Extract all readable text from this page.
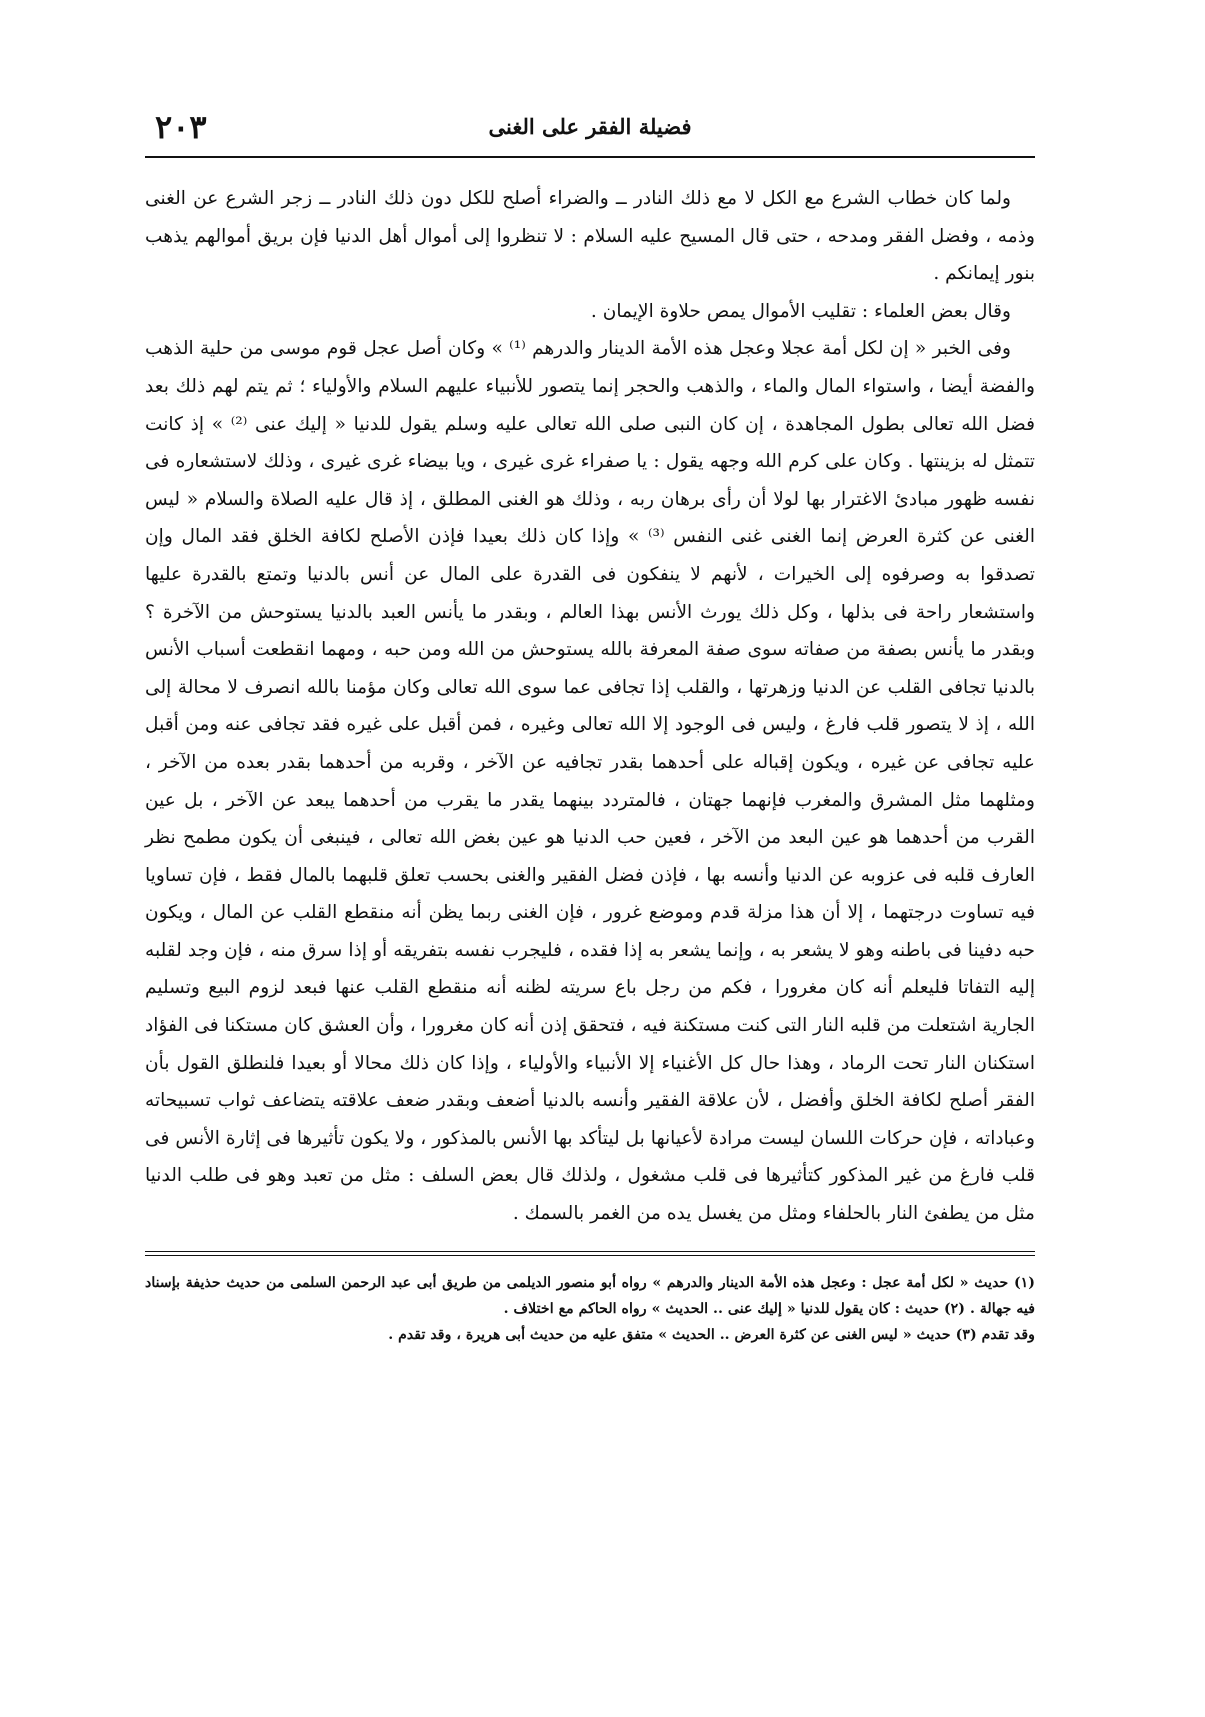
فضيلة الفقر على الغنى
٢٠٣

ولما كان خطاب الشرع مع الكل لا مع ذلك النادر ــ والضراء أصلح للكل دون ذلك النادر ــ زجر الشرع عن الغنى وذمه ، وفضل الفقر ومدحه ، حتى قال المسيح عليه السلام : لا تنظروا إلى أموال أهل الدنيا فإن بريق أموالهم يذهب بنور إيمانكم .

وقال بعض العلماء : تقليب الأموال يمص حلاوة الإيمان .

وفى الخبر « إن لكل أمة عجلا وعجل هذه الأمة الدينار والدرهم ⁽¹⁾ » وكان أصل عجل قوم موسى من حلية الذهب والفضة أيضا ، واستواء المال والماء ، والذهب والحجر إنما يتصور للأنبياء عليهم السلام والأولياء ؛ ثم يتم لهم ذلك بعد فضل الله تعالى بطول المجاهدة ، إن كان النبى صلى الله تعالى عليه وسلم يقول للدنيا « إليك عنى ⁽²⁾ » إذ كانت تتمثل له بزينتها . وكان على كرم الله وجهه يقول : يا صفراء غرى غيرى ، ويا بيضاء غرى غيرى ، وذلك لاستشعاره فى نفسه ظهور مبادئ الاغترار بها لولا أن رأى برهان ربه ، وذلك هو الغنى المطلق ، إذ قال عليه الصلاة والسلام « ليس الغنى عن كثرة العرض إنما الغنى غنى النفس ⁽³⁾ » وإذا كان ذلك بعيدا فإذن الأصلح لكافة الخلق فقد المال وإن تصدقوا به وصرفوه إلى الخيرات ، لأنهم لا ينفكون فى القدرة على المال عن أنس بالدنيا وتمتع بالقدرة عليها واستشعار راحة فى بذلها ، وكل ذلك يورث الأنس بهذا العالم ، وبقدر ما يأنس العبد بالدنيا يستوحش من الآخرة ؟ وبقدر ما يأنس بصفة من صفاته سوى صفة المعرفة بالله يستوحش من الله ومن حبه ، ومهما انقطعت أسباب الأنس بالدنيا تجافى القلب عن الدنيا وزهرتها ، والقلب إذا تجافى عما سوى الله تعالى وكان مؤمنا بالله انصرف لا محالة إلى الله ، إذ لا يتصور قلب فارغ ، وليس فى الوجود إلا الله تعالى وغيره ، فمن أقبل على غيره فقد تجافى عنه ومن أقبل عليه تجافى عن غيره ، ويكون إقباله على أحدهما بقدر تجافيه عن الآخر ، وقربه من أحدهما بقدر بعده من الآخر ، ومثلهما مثل المشرق والمغرب فإنهما جهتان ، فالمتردد بينهما يقدر ما يقرب من أحدهما يبعد عن الآخر ، بل عين القرب من أحدهما هو عين البعد من الآخر ، فعين حب الدنيا هو عين بغض الله تعالى ، فينبغى أن يكون مطمح نظر العارف قلبه فى عزوبه عن الدنيا وأنسه بها ، فإذن فضل الفقير والغنى بحسب تعلق قلبهما بالمال فقط ، فإن تساويا فيه تساوت درجتهما ، إلا أن هذا مزلة قدم وموضع غرور ، فإن الغنى ربما يظن أنه منقطع القلب عن المال ، ويكون حبه دفينا فى باطنه وهو لا يشعر به ، وإنما يشعر به إذا فقده ، فليجرب نفسه بتفريقه أو إذا سرق منه ، فإن وجد لقلبه إليه التفاتا فليعلم أنه كان مغرورا ، فكم من رجل باع سريته لظنه أنه منقطع القلب عنها فبعد لزوم البيع وتسليم الجارية اشتعلت من قلبه النار التى كنت مستكنة فيه ، فتحقق إذن أنه كان مغرورا ، وأن العشق كان مستكنا فى الفؤاد استكنان النار تحت الرماد ، وهذا حال كل الأغنياء إلا الأنبياء والأولياء ، وإذا كان ذلك محالا أو بعيدا فلنطلق القول بأن الفقر أصلح لكافة الخلق وأفضل ، لأن علاقة الفقير وأنسه بالدنيا أضعف وبقدر ضعف علاقته يتضاعف ثواب تسبيحاته وعباداته ، فإن حركات اللسان ليست مرادة لأعيانها بل ليتأكد بها الأنس بالمذكور ، ولا يكون تأثيرها فى إثارة الأنس فى قلب فارغ من غير المذكور كتأثيرها فى قلب مشغول ، ولذلك قال بعض السلف : مثل من تعبد وهو فى طلب الدنيا مثل من يطفئ النار بالحلفاء ومثل من يغسل يده من الغمر بالسمك .

(١) حديث « لكل أمة عجل : وعجل هذه الأمة الدينار والدرهم » رواه أبو منصور الديلمى من طريق أبى عبد الرحمن السلمى من حديث حذيفة بإسناد فيه جهالة . (٢) حديث : كان يقول للدنيا « إليك عنى .. الحديث » رواه الحاكم مع اختلاف .

وقد تقدم (٣) حديث « ليس الغنى عن كثرة العرض .. الحديث » متفق عليه من حديث أبى هريرة ، وقد تقدم .
